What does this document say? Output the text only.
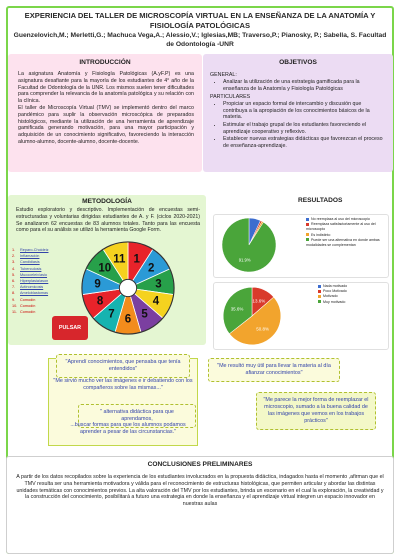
EXPERIENCIA DEL TALLER DE MICROSCOPÍA VIRTUAL EN LA ENSEÑANZA DE LA ANATOMÍA Y FISIOLOGÍA PATOLÓGICAS
Guenzelovich,M.; Merletti,G.; Machuca Vega,A.; Alessio,V.; Iglesias,MB; Traverso,P.; Pianosky, P.; Sabella, S. Facultad de Odontología -UNR
INTRODUCCIÓN

La asignatura Anatomía y Fisiología Patológicas (A.yF.P) es una asignatura desafiante para la mayoría de los estudiantes de 4° año de la Facultad de Odontología de la UNR. Los mismos suelen tener dificultades para comprender la relevancia de la anatomía patológica y su relación con la clínica.

El taller de Microscopía Virtual (TMV) se implementó dentro del marco pandémico para suplir la observación microscópica de preparados histológicos, mediante la utilización de una herramienta de aprendizaje gamificada generando motivación, para una mayor participación y adquisición de un conocimiento significativo, favoreciendo la interacción alumno-alumno, docente-alumno, docente-docente.

OBJETIVOS
GENERAL:
• Analizar la utilización de una estrategia gamificada para la enseñanza de la Anatomía y Fisiología Patológicas
PARTICULARES
• Propiciar un espacio formal de intercambio y discusión que contribuya a la apropiación de los conocimientos básicos de la materia.
• Estimular el trabajo grupal de los estudiantes favoreciendo el aprendizaje cooperativo y reflexivo.
• Establecer nuevas estrategias didácticas que favorezcan el proceso de enseñanza-aprendizaje.
METODOLOGÍA

Estudio exploratorio y descriptivo. Implementación de encuestas semi-estructuradas y voluntarias dirigidas estudiantes de A. y F. (ciclos 2020-2021) Se analizaron 62 encuestas de 83 alumnos totales. Tanto para las encuesta como para el su análisis se utilizó la herramienta Google Form.

1. Reparo-Choideiz
2. Inflamación
3. Candidiasis
4. Tuberculosis
5. Mucoceleiv/asio
6. Hiperplasia/ason
7. Actinomicosis
8. Ameloblastomas
9. Comodín
10. Comodín
11. Comodín
1
2
3
4
5
6
7
8
9
10
11
PULSAR
RESULTADOS
91.9%
13.6%
50.8%
35.6%
No reemplaza al uso del microscopio
Reemplaza satisfactoriamente al uso del microscopio
Es indistinto
Puede ser una alternativa en donde ambas modalidades se complementan
Nada motivado
Poco Motivado
Motivado
Muy motivado
"Aprendí conocimientos, que pensaba que tenía entendidos"
"Me sirvió mucho ver las imágenes e ir debatiendo con los compañeros sobre las mismas..."
" alternativa didáctica para que aprendamos,
...buscar formas para que los alumnos podamos aprender a pesar de las circunstancias."
"Me resultó muy útil para llevar la materia al día afianzar conocimientos"
"Me parece la mejor forma de reemplazar el microscopio, sumado a la buena calidad de las imágenes que vemos en los trabajos prácticos"
CONCLUSIONES PRELIMINARES

A partir de los datos recopilados sobre la experiencia de los estudiantes involucrados en la propuesta didáctica, indagados hasta el momento ,afirman que el TMV resulta ser una herramienta motivadora y válida para el reconocimiento de estructuras histológicas, que permiten articular y abordar las distintas unidades temáticas con conocimientos previos. La alta valoración del TMV por los estudiantes, brinda un escenario en el cual la exploración, la creatividad y la construcción del conocimiento, posibilitará a futuro una estrategia en donde la enseñanza y el aprendizaje virtual integren un espacio innovador en nuestras aulas
